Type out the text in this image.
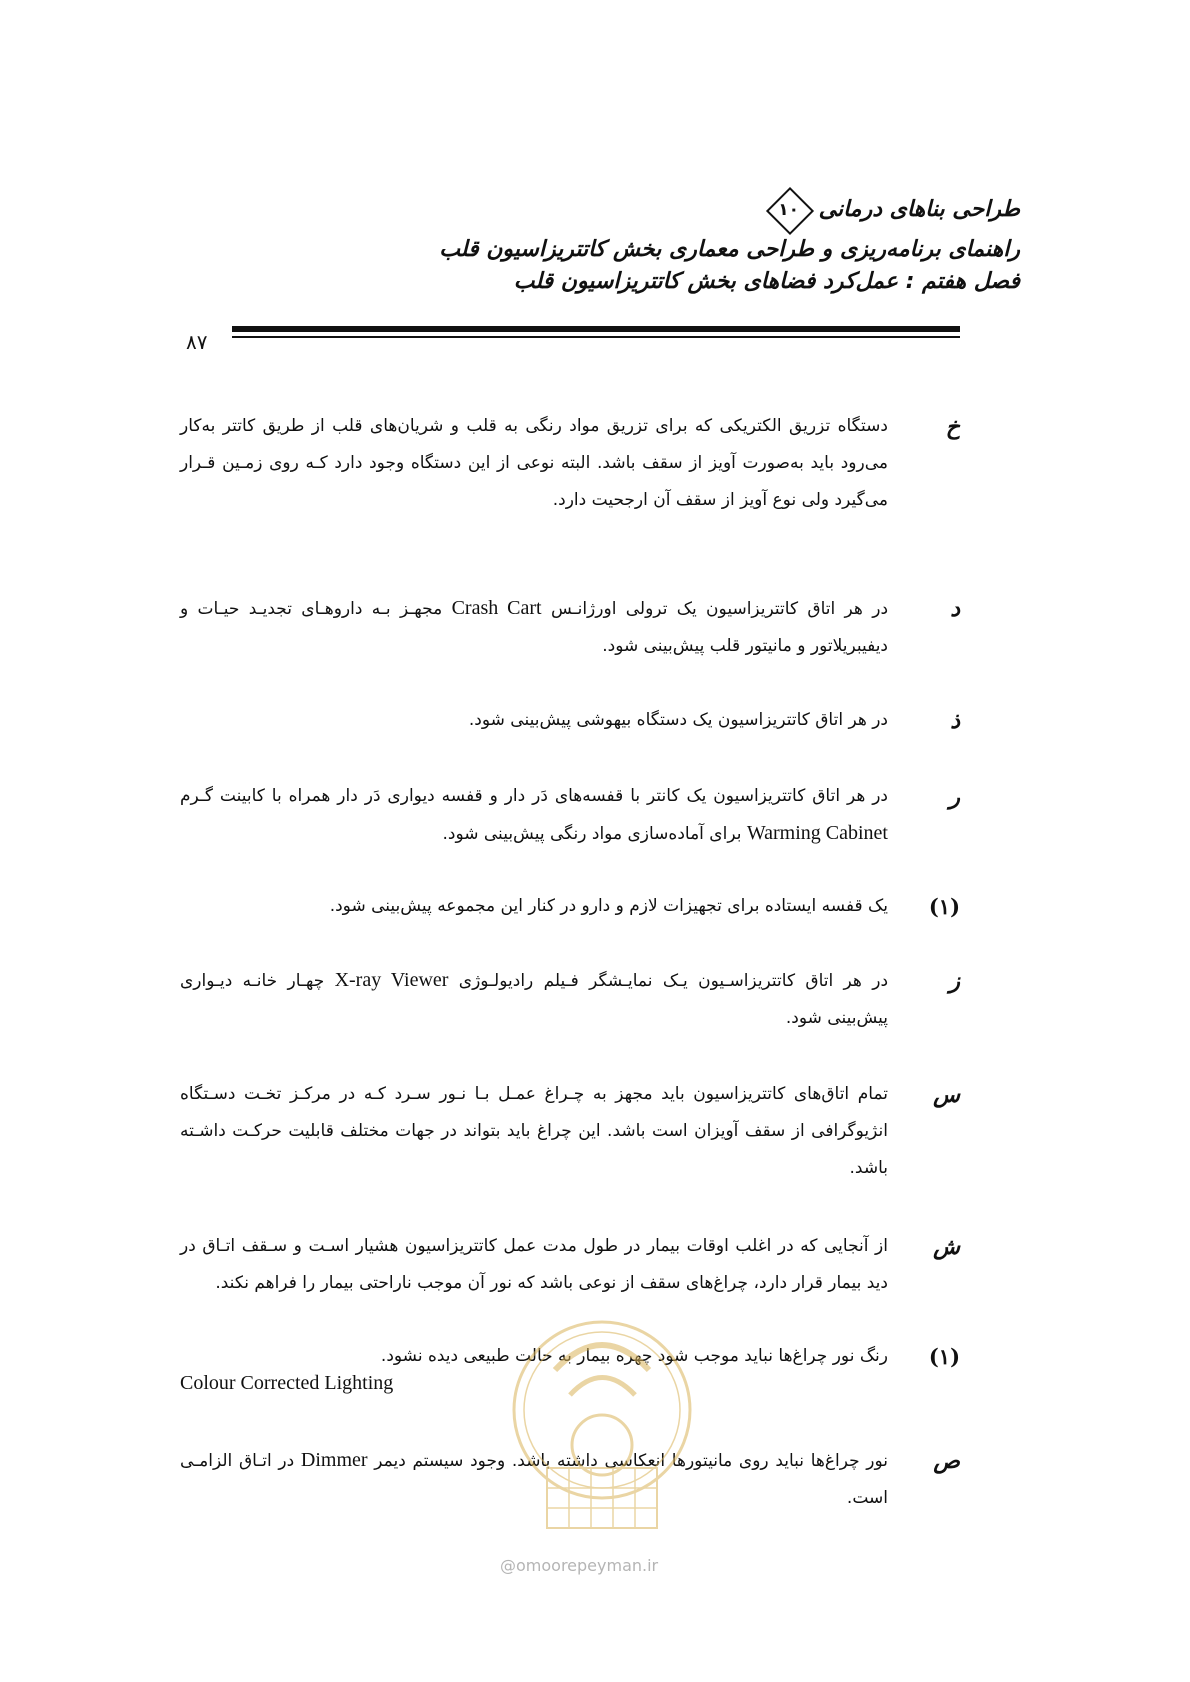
طراحی بناهای درمانی
۱۰
راهنمای برنامه‌ریزی و طراحی معماری بخش کاتتریزاسیون قلب
فصل هفتم : عمل‌کرد فضاهای بخش کاتتریزاسیون قلب
۸۷
خ
دستگاه تزریق الکتریکی که برای تزریق مواد رنگی به قلب و شریان‌های قلب از طریق کاتتر به‌کار می‌رود باید به‌صورت آویز از سقف باشد. البته نوعی از این دستگاه وجود دارد کـه روی زمـین قـرار می‌گیرد ولی نوع آویز از سقف آن ارجحیت دارد.
د
در هر اتاق کاتتریزاسیون یک ترولی اورژانـس Crash Cart مجهـز بـه داروهـای تجدیـد حیـات و دیفیبریلاتور و مانیتور قلب پیش‌بینی شود.
ذ
در هر اتاق کاتتریزاسیون یک دستگاه بیهوشی پیش‌بینی شود.
ر
در هر اتاق کاتتریزاسیون یک کانتر با قفسه‌های دَر دار و قفسه دیواری دَر دار همراه با کابینت گـرم Warming Cabinet برای آماده‌سازی مواد رنگی پیش‌بینی شود.
(۱)
یک قفسه ایستاده برای تجهیزات لازم و دارو در کنار این مجموعه پیش‌بینی شود.
ز
در هر اتاق کاتتریزاسـیون یـک نمایـشگر فـیلم رادیولـوژی X-ray Viewer چهـار خانـه دیـواری پیش‌بینی شود.
س
تمام اتاق‌های کاتتریزاسیون باید مجهز به چـراغ عمـل بـا نـور سـرد کـه در مرکـز تخـت دسـتگاه انژیوگرافی از سقف آویزان است باشد. این چراغ باید بتواند در جهات مختلف قابلیت حرکـت داشـته باشد.
ش
از آنجایی که در اغلب اوقات بیمار در طول مدت عمل کاتتریزاسیون هشیار اسـت و سـقف اتـاق در دید بیمار قرار دارد، چراغ‌های سقف از نوعی باشد که نور آن موجب ناراحتی بیمار را فراهم نکند.
(۱)
رنگ نور چراغ‌ها نباید موجب شود چهره بیمار به حالت طبیعی دیده نشود.
Colour Corrected Lighting
ص
نور چراغ‌ها نباید روی مانیتورها انعکاسی داشته باشد. وجود سیستم دیمر Dimmer در اتـاق الزامـی است.
@omoorepeyman.ir
